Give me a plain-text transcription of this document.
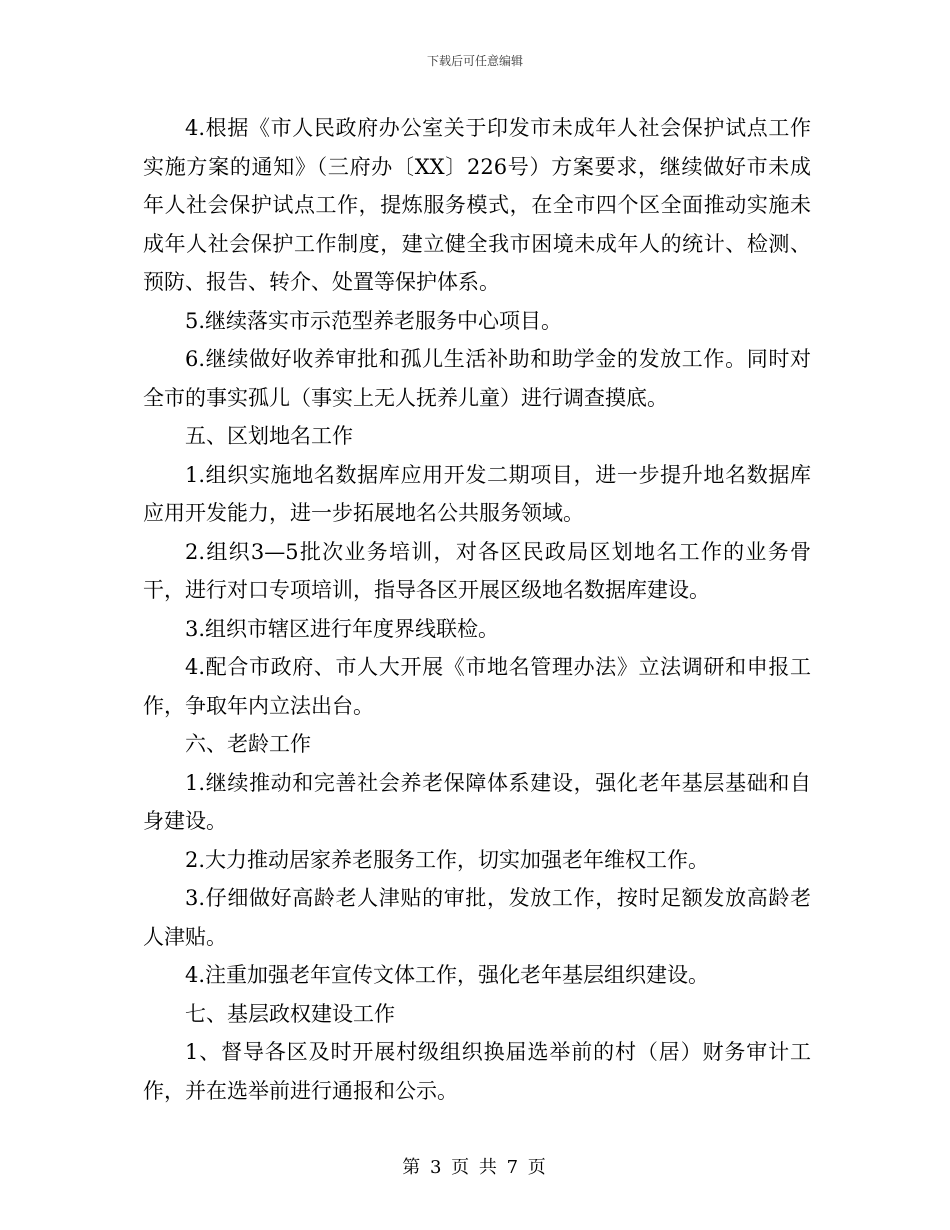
下载后可任意编辑

4.根据《市人民政府办公室关于印发市未成年人社会保护试点工作实施方案的通知》（三府办〔XX〕226号）方案要求，继续做好市未成年人社会保护试点工作，提炼服务模式，在全市四个区全面推动实施未成年人社会保护工作制度，建立健全我市困境未成年人的统计、检测、预防、报告、转介、处置等保护体系。

5.继续落实市示范型养老服务中心项目。

6.继续做好收养审批和孤儿生活补助和助学金的发放工作。同时对全市的事实孤儿（事实上无人抚养儿童）进行调查摸底。

五、区划地名工作

1.组织实施地名数据库应用开发二期项目，进一步提升地名数据库应用开发能力，进一步拓展地名公共服务领域。

2.组织3—5批次业务培训，对各区民政局区划地名工作的业务骨干，进行对口专项培训，指导各区开展区级地名数据库建设。

3.组织市辖区进行年度界线联检。

4.配合市政府、市人大开展《市地名管理办法》立法调研和申报工作，争取年内立法出台。

六、老龄工作

1.继续推动和完善社会养老保障体系建设，强化老年基层基础和自身建设。

2.大力推动居家养老服务工作，切实加强老年维权工作。

3.仔细做好高龄老人津贴的审批，发放工作，按时足额发放高龄老人津贴。

4.注重加强老年宣传文体工作，强化老年基层组织建设。

七、基层政权建设工作

1、督导各区及时开展村级组织换届选举前的村（居）财务审计工作，并在选举前进行通报和公示。

第 3 页 共 7 页
